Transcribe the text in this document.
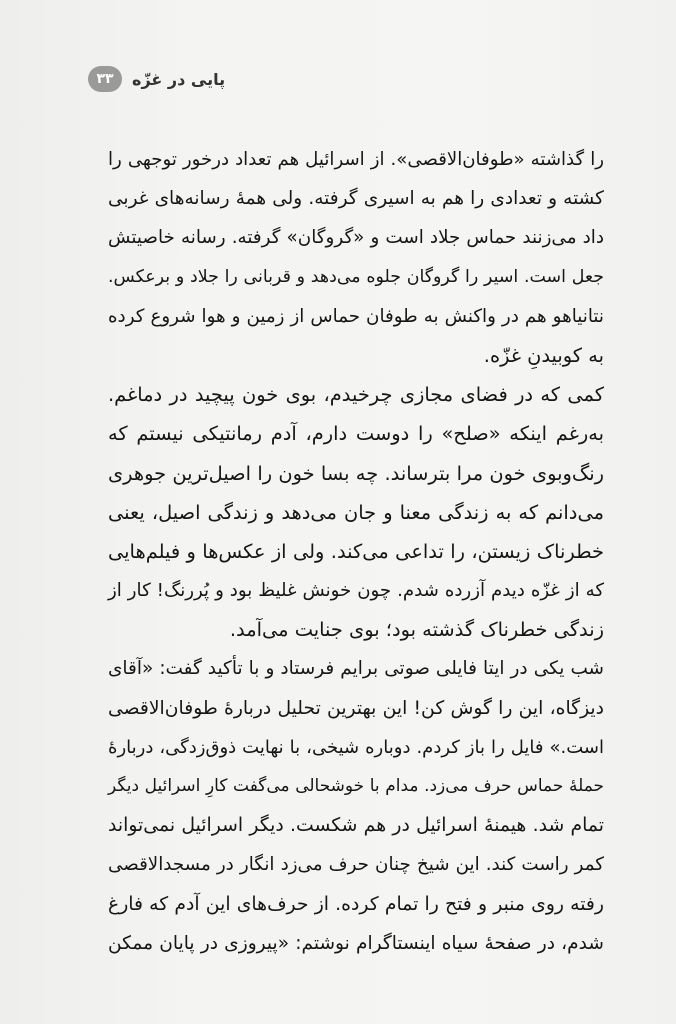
۳۳	پایی در غزّه
را گذاشته «طوفان‌الاقصی». از اسرائیل هم تعداد درخور توجهی را
کشته و تعدادی را هم به اسیری گرفته. ولی همهٔ رسانه‌های غربی
داد می‌زنند حماس جلاد است و «گروگان» گرفته. رسانه خاصیتش
جعل است. اسیر را گروگان جلوه می‌دهد و قربانی را جلاد و برعکس.
نتانیاهو هم در واکنش به طوفان حماس از زمین و هوا شروع کرده
به کوبیدنِ غزّه.
کمی که در فضای مجازی چرخیدم، بوی خون پیچید در دماغم.
به‌رغم اینکه «صلح» را دوست دارم، آدم رمانتیکی نیستم که
رنگ‌وبوی خون مرا بترساند. چه بسا خون را اصیل‌ترین جوهری
می‌دانم که به زندگی معنا و جان می‌دهد و زندگی اصیل، یعنی
خطرناک زیستن، را تداعی می‌کند. ولی از عکس‌ها و فیلم‌هایی
که از غزّه دیدم آزرده شدم. چون خونش غلیظ بود و پُررنگ! کار از
زندگی خطرناک گذشته بود؛ بوی جنایت می‌آمد.
شب یکی در ایتا فایلی صوتی برایم فرستاد و با تأکید گفت: «آقای
دیزگاه، این را گوش کن! این بهترین تحلیل دربارهٔ طوفان‌الاقصی
است.» فایل را باز کردم. دوباره شیخی، با نهایت ذوق‌زدگی، دربارهٔ
حملهٔ حماس حرف می‌زد. مدام با خوشحالی می‌گفت کارِ اسرائیل دیگر
تمام شد. هیمنهٔ اسرائیل در هم شکست. دیگر اسرائیل نمی‌تواند
کمر راست کند. این شیخ چنان حرف می‌زد انگار در مسجدالاقصی
رفته روی منبر و فتح را تمام کرده. از حرف‌های این آدم که فارغ
شدم، در صفحهٔ سیاه اینستاگرام نوشتم: «پیروزی در پایان ممکن
